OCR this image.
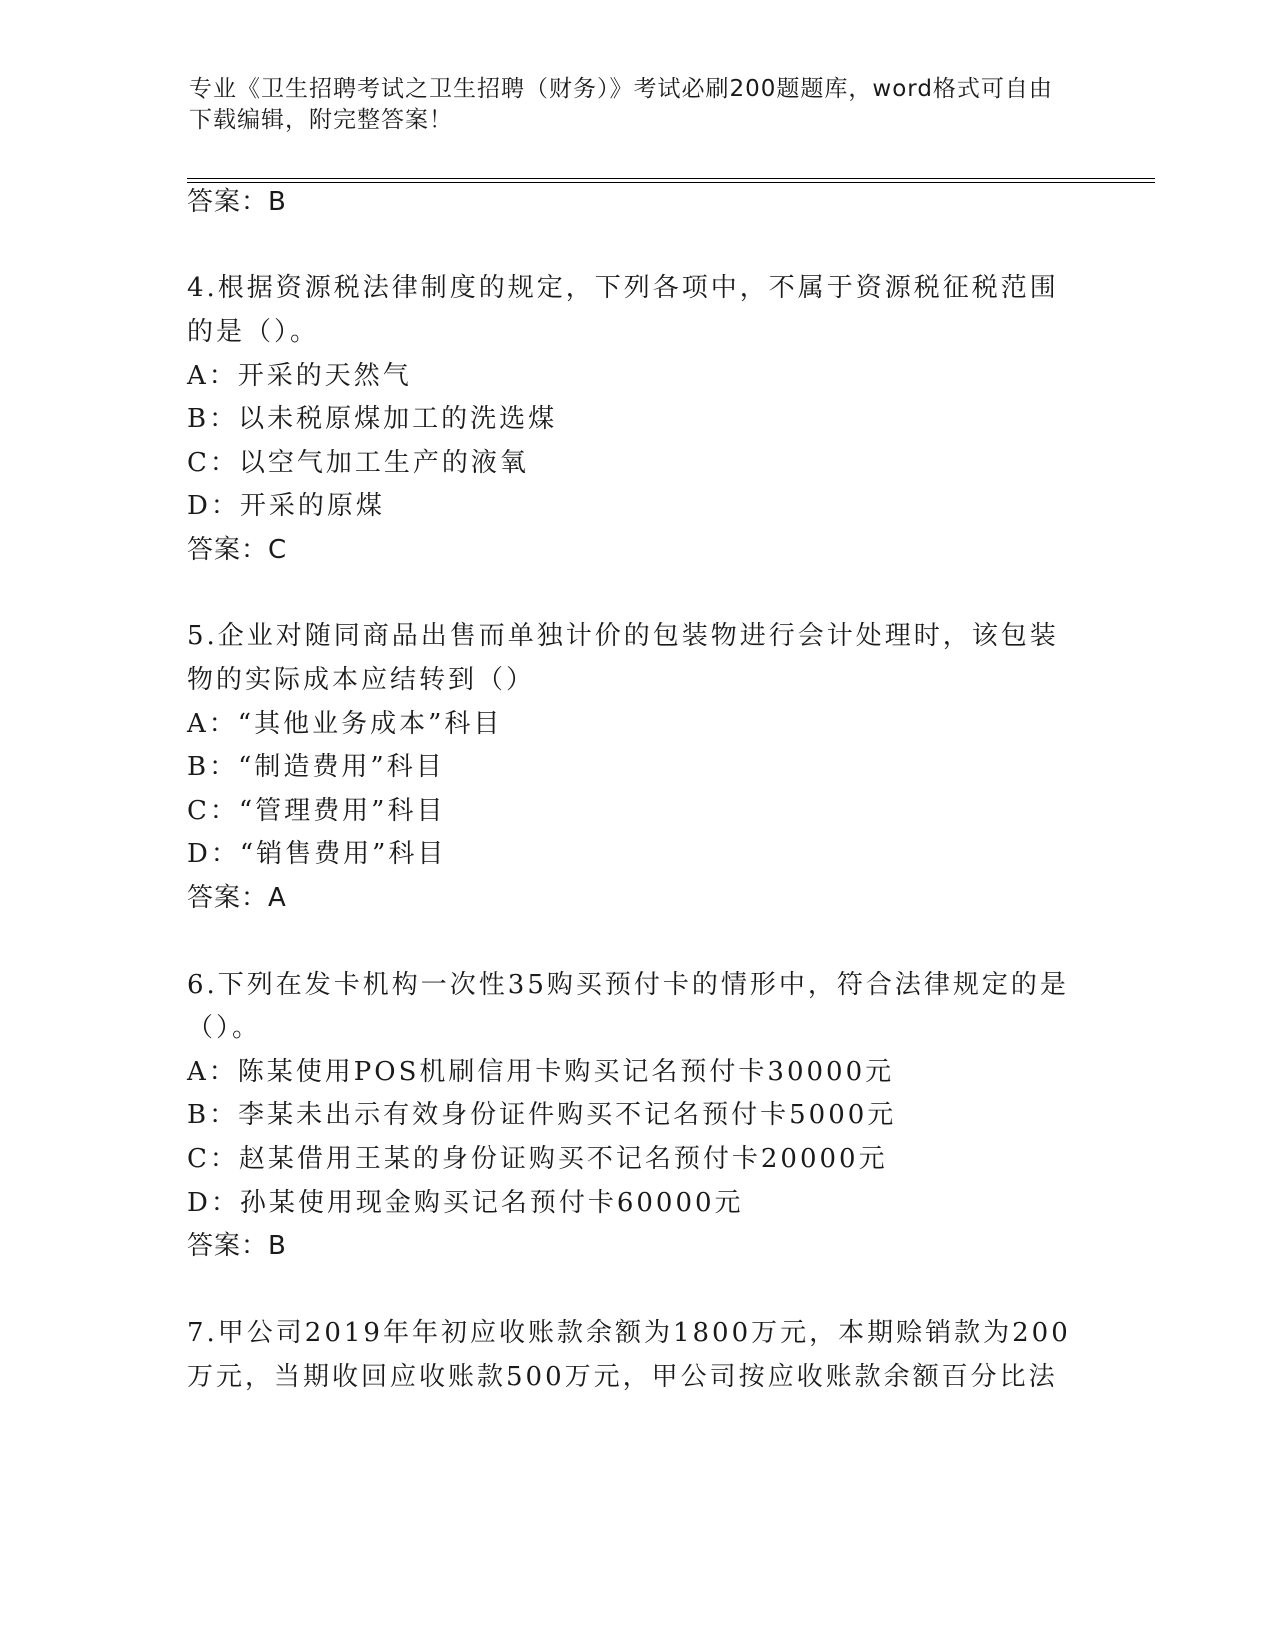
专业《卫生招聘考试之卫生招聘（财务）》考试必刷200题题库，word格式可自由下载编辑，附完整答案！
答案：B
4.根据资源税法律制度的规定，下列各项中，不属于资源税征税范围
的是（）。
A：开采的天然气
B：以未税原煤加工的洗选煤
C：以空气加工生产的液氧
D：开采的原煤
答案：C
5.企业对随同商品出售而单独计价的包装物进行会计处理时，该包装
物的实际成本应结转到（）
A：“其他业务成本”科目
B：“制造费用”科目
C：“管理费用”科目
D：“销售费用”科目
答案：A
6.下列在发卡机构一次性35购买预付卡的情形中，符合法律规定的是
（）。
A：陈某使用POS机刷信用卡购买记名预付卡30000元
B：李某未出示有效身份证件购买不记名预付卡5000元
C：赵某借用王某的身份证购买不记名预付卡20000元
D：孙某使用现金购买记名预付卡60000元
答案：B
7.甲公司2019年年初应收账款余额为1800万元，本期赊销款为200
万元，当期收回应收账款500万元，甲公司按应收账款余额百分比法
